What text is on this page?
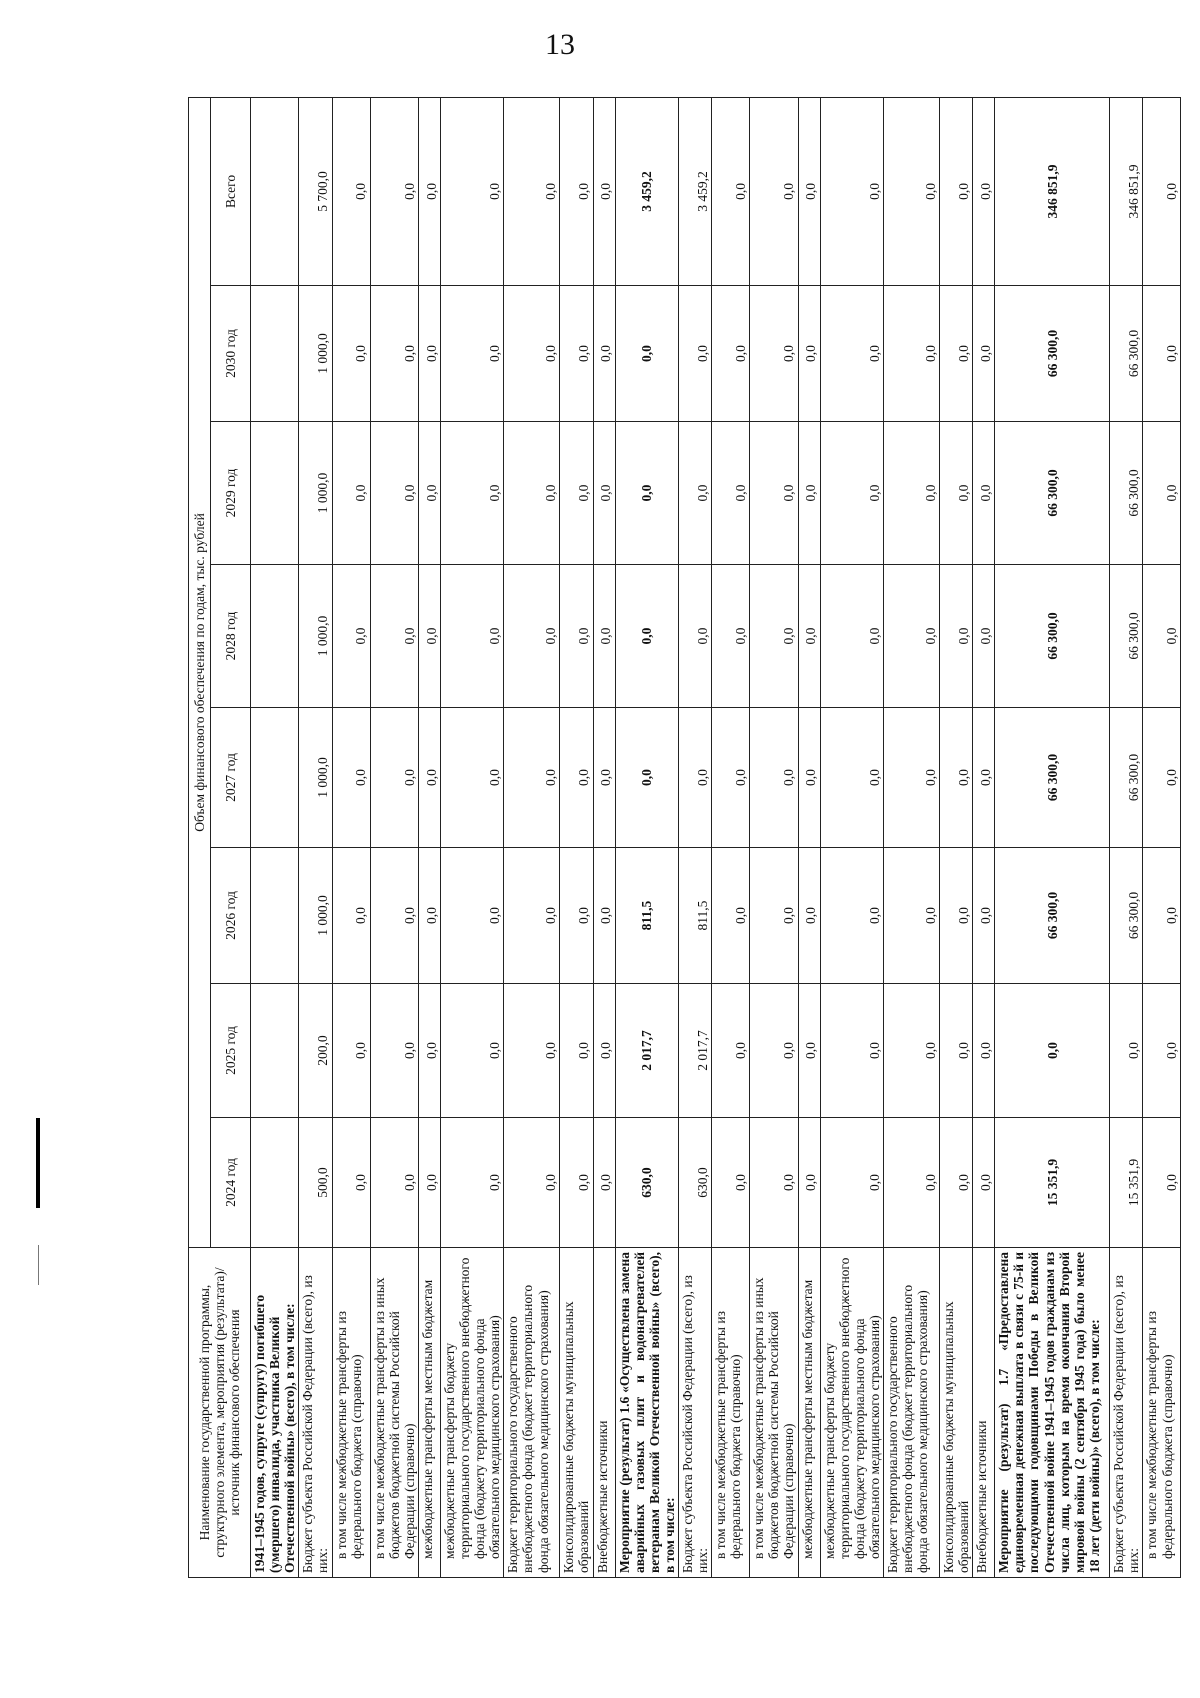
13
Наименование государственной программы, структурного элемента, мероприятия (результата)/источник финансового обеспечения	Объем финансового обеспечения по годам, тыс. рублей							
	2024 год	2025 год	2026 год	2027 год	2028 год	2029 год	2030 год	Всего
1941–1945 годов, супруге (супругу) погибшего (умершего) инвалида, участника Великой Отечественной войны» (всего), в том числе:								
Бюджет субъекта Российской Федерации (всего), из них:	500,0	200,0	1 000,0	1 000,0	1 000,0	1 000,0	1 000,0	5 700,0
в том числе межбюджетные трансферты из федерального бюджета (справочно)	0,0	0,0	0,0	0,0	0,0	0,0	0,0	0,0
в том числе межбюджетные трансферты из иных бюджетов бюджетной системы Российской Федерации (справочно)	0,0	0,0	0,0	0,0	0,0	0,0	0,0	0,0
межбюджетные трансферты местным бюджетам	0,0	0,0	0,0	0,0	0,0	0,0	0,0	0,0
межбюджетные трансферты бюджету территориального государственного внебюджетного фонда (бюджету территориального фонда обязательного медицинского страхования)	0,0	0,0	0,0	0,0	0,0	0,0	0,0	0,0
Бюджет территориального государственного внебюджетного фонда (бюджет территориального фонда обязательного медицинского страхования)	0,0	0,0	0,0	0,0	0,0	0,0	0,0	0,0
Консолидированные бюджеты муниципальных образований	0,0	0,0	0,0	0,0	0,0	0,0	0,0	0,0
Внебюджетные источники	0,0	0,0	0,0	0,0	0,0	0,0	0,0	0,0
Мероприятие (результат) 1.6 «Осуществлена замена аварийных газовых плит и водонагревателей ветеранам Великой Отечественной войны» (всего), в том числе:	630,0	2 017,7	811,5	0,0	0,0	0,0	0,0	3 459,2
Бюджет субъекта Российской Федерации (всего), из них:	630,0	2 017,7	811,5	0,0	0,0	0,0	0,0	3 459,2
в том числе межбюджетные трансферты из федерального бюджета (справочно)	0,0	0,0	0,0	0,0	0,0	0,0	0,0	0,0
в том числе межбюджетные трансферты из иных бюджетов бюджетной системы Российской Федерации (справочно)	0,0	0,0	0,0	0,0	0,0	0,0	0,0	0,0
межбюджетные трансферты местным бюджетам	0,0	0,0	0,0	0,0	0,0	0,0	0,0	0,0
межбюджетные трансферты бюджету территориального государственного внебюджетного фонда (бюджету территориального фонда обязательного медицинского страхования)	0,0	0,0	0,0	0,0	0,0	0,0	0,0	0,0
Бюджет территориального государственного внебюджетного фонда (бюджет территориального фонда обязательного медицинского страхования)	0,0	0,0	0,0	0,0	0,0	0,0	0,0	0,0
Консолидированные бюджеты муниципальных образований	0,0	0,0	0,0	0,0	0,0	0,0	0,0	0,0
Внебюджетные источники	0,0	0,0	0,0	0,0	0,0	0,0	0,0	0,0
Мероприятие (результат) 1.7 «Предоставлена единовременная денежная выплата в связи с 75-й и последующими годовщинами Победы в Великой Отечественной войне 1941–1945 годов гражданам из числа лиц, которым на время окончания Второй мировой войны (2 сентября 1945 года) было менее 18 лет (дети войны)» (всего), в том числе:	15 351,9	0,0	66 300,0	66 300,0	66 300,0	66 300,0	66 300,0	346 851,9
Бюджет субъекта Российской Федерации (всего), из них:	15 351,9	0,0	66 300,0	66 300,0	66 300,0	66 300,0	66 300,0	346 851,9
в том числе межбюджетные трансферты из федерального бюджета (справочно)	0,0	0,0	0,0	0,0	0,0	0,0	0,0	0,0
